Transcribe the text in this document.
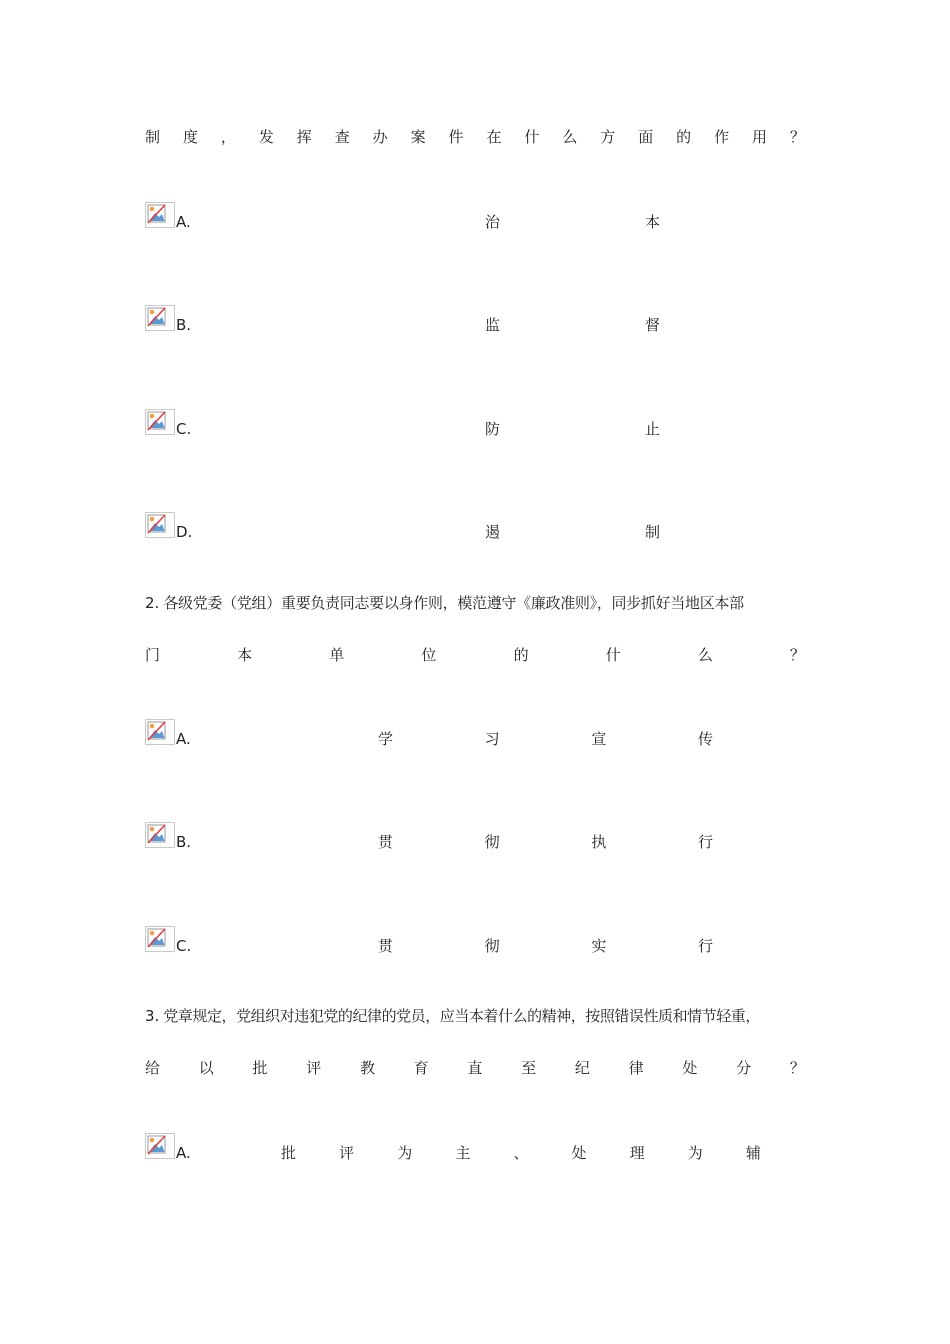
制 度 ， 发 挥 查 办 案 件 在 什 么 方 面 的 作 用 ？
A.	治	本
B.	监	督
C.	防	止
D.	遏	制
2. 各级党委（党组）重要负责同志要以身作则，模范遵守《廉政准则》，同步抓好当地区本部
门	本	单	位	的	什	么	？
A.	学	习	宣	传
B.	贯	彻	执	行
C.	贯	彻	实	行
3. 党章规定，党组织对违犯党的纪律的党员，应当本着什么的精神，按照错误性质和情节轻重，
给	以	批	评	教	育	直	至	纪	律	处	分	？
A.	批	评	为	主	、	处	理	为	辅
